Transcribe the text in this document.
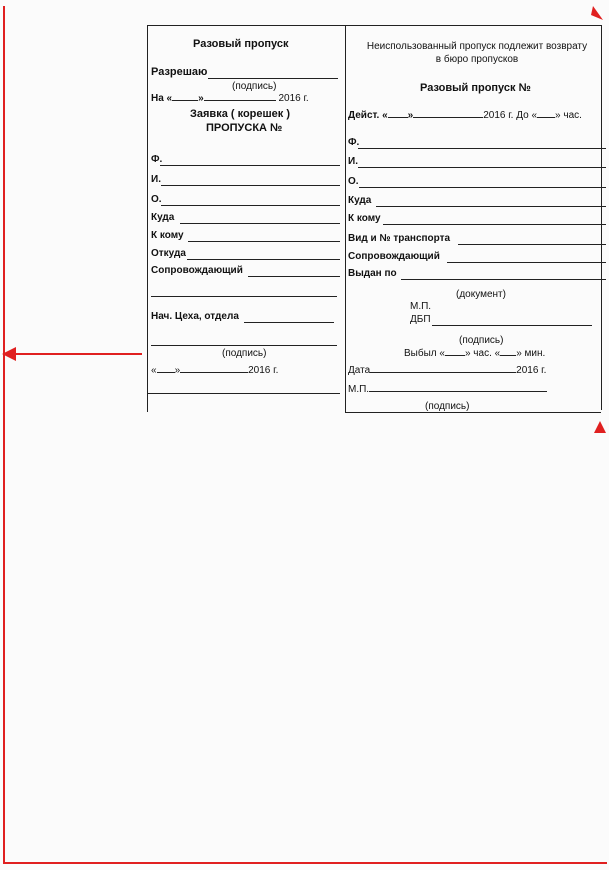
Разовый пропуск
Разрешаю
(подпись)
На «	»	2016 г.
Заявка ( корешек )
ПРОПУСКА №
Ф.
И.
О.
Куда
К кому
Откуда
Сопровождающий
Нач. Цеха, отдела
(подпись)
« »	2016 г.
Неиспользованный пропуск подлежит возврату
в бюро пропусков
Разовый пропуск №
Дейст. « »	2016 г. До « » час.
Ф.
И.
О.
Куда
К кому
Вид и № транспорта
Сопровождающий
Выдан по
(документ)
М.П.
ДБП
(подпись)
Выбыл « » час. « » мин.
Дата	2016 г.
М.П.
(подпись)
